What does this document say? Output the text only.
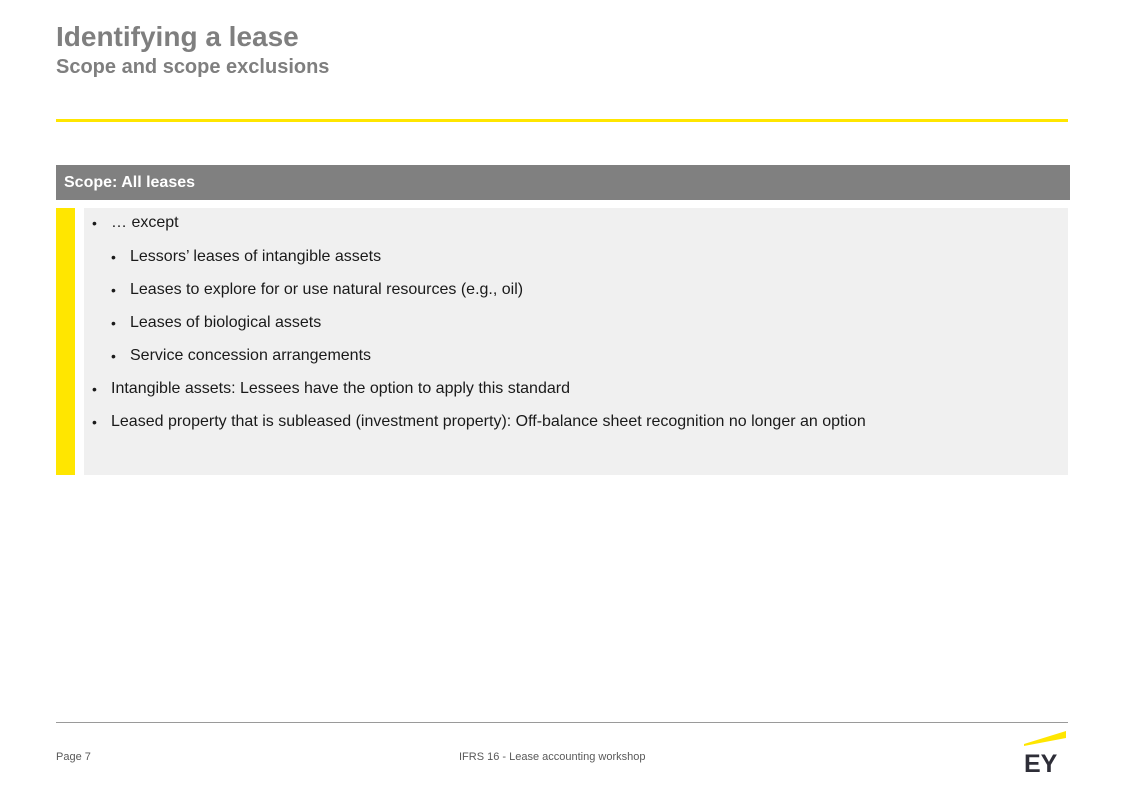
Identifying a lease
Scope and scope exclusions
Scope: All leases
• … except
• Lessors’ leases of intangible assets
• Leases to explore for or use natural resources (e.g., oil)
• Leases of biological assets
• Service concession arrangements
• Intangible assets: Lessees have the option to apply this standard
• Leased property that is subleased (investment property): Off-balance sheet recognition no longer an option
Page 7	IFRS 16 - Lease accounting workshop	EY
